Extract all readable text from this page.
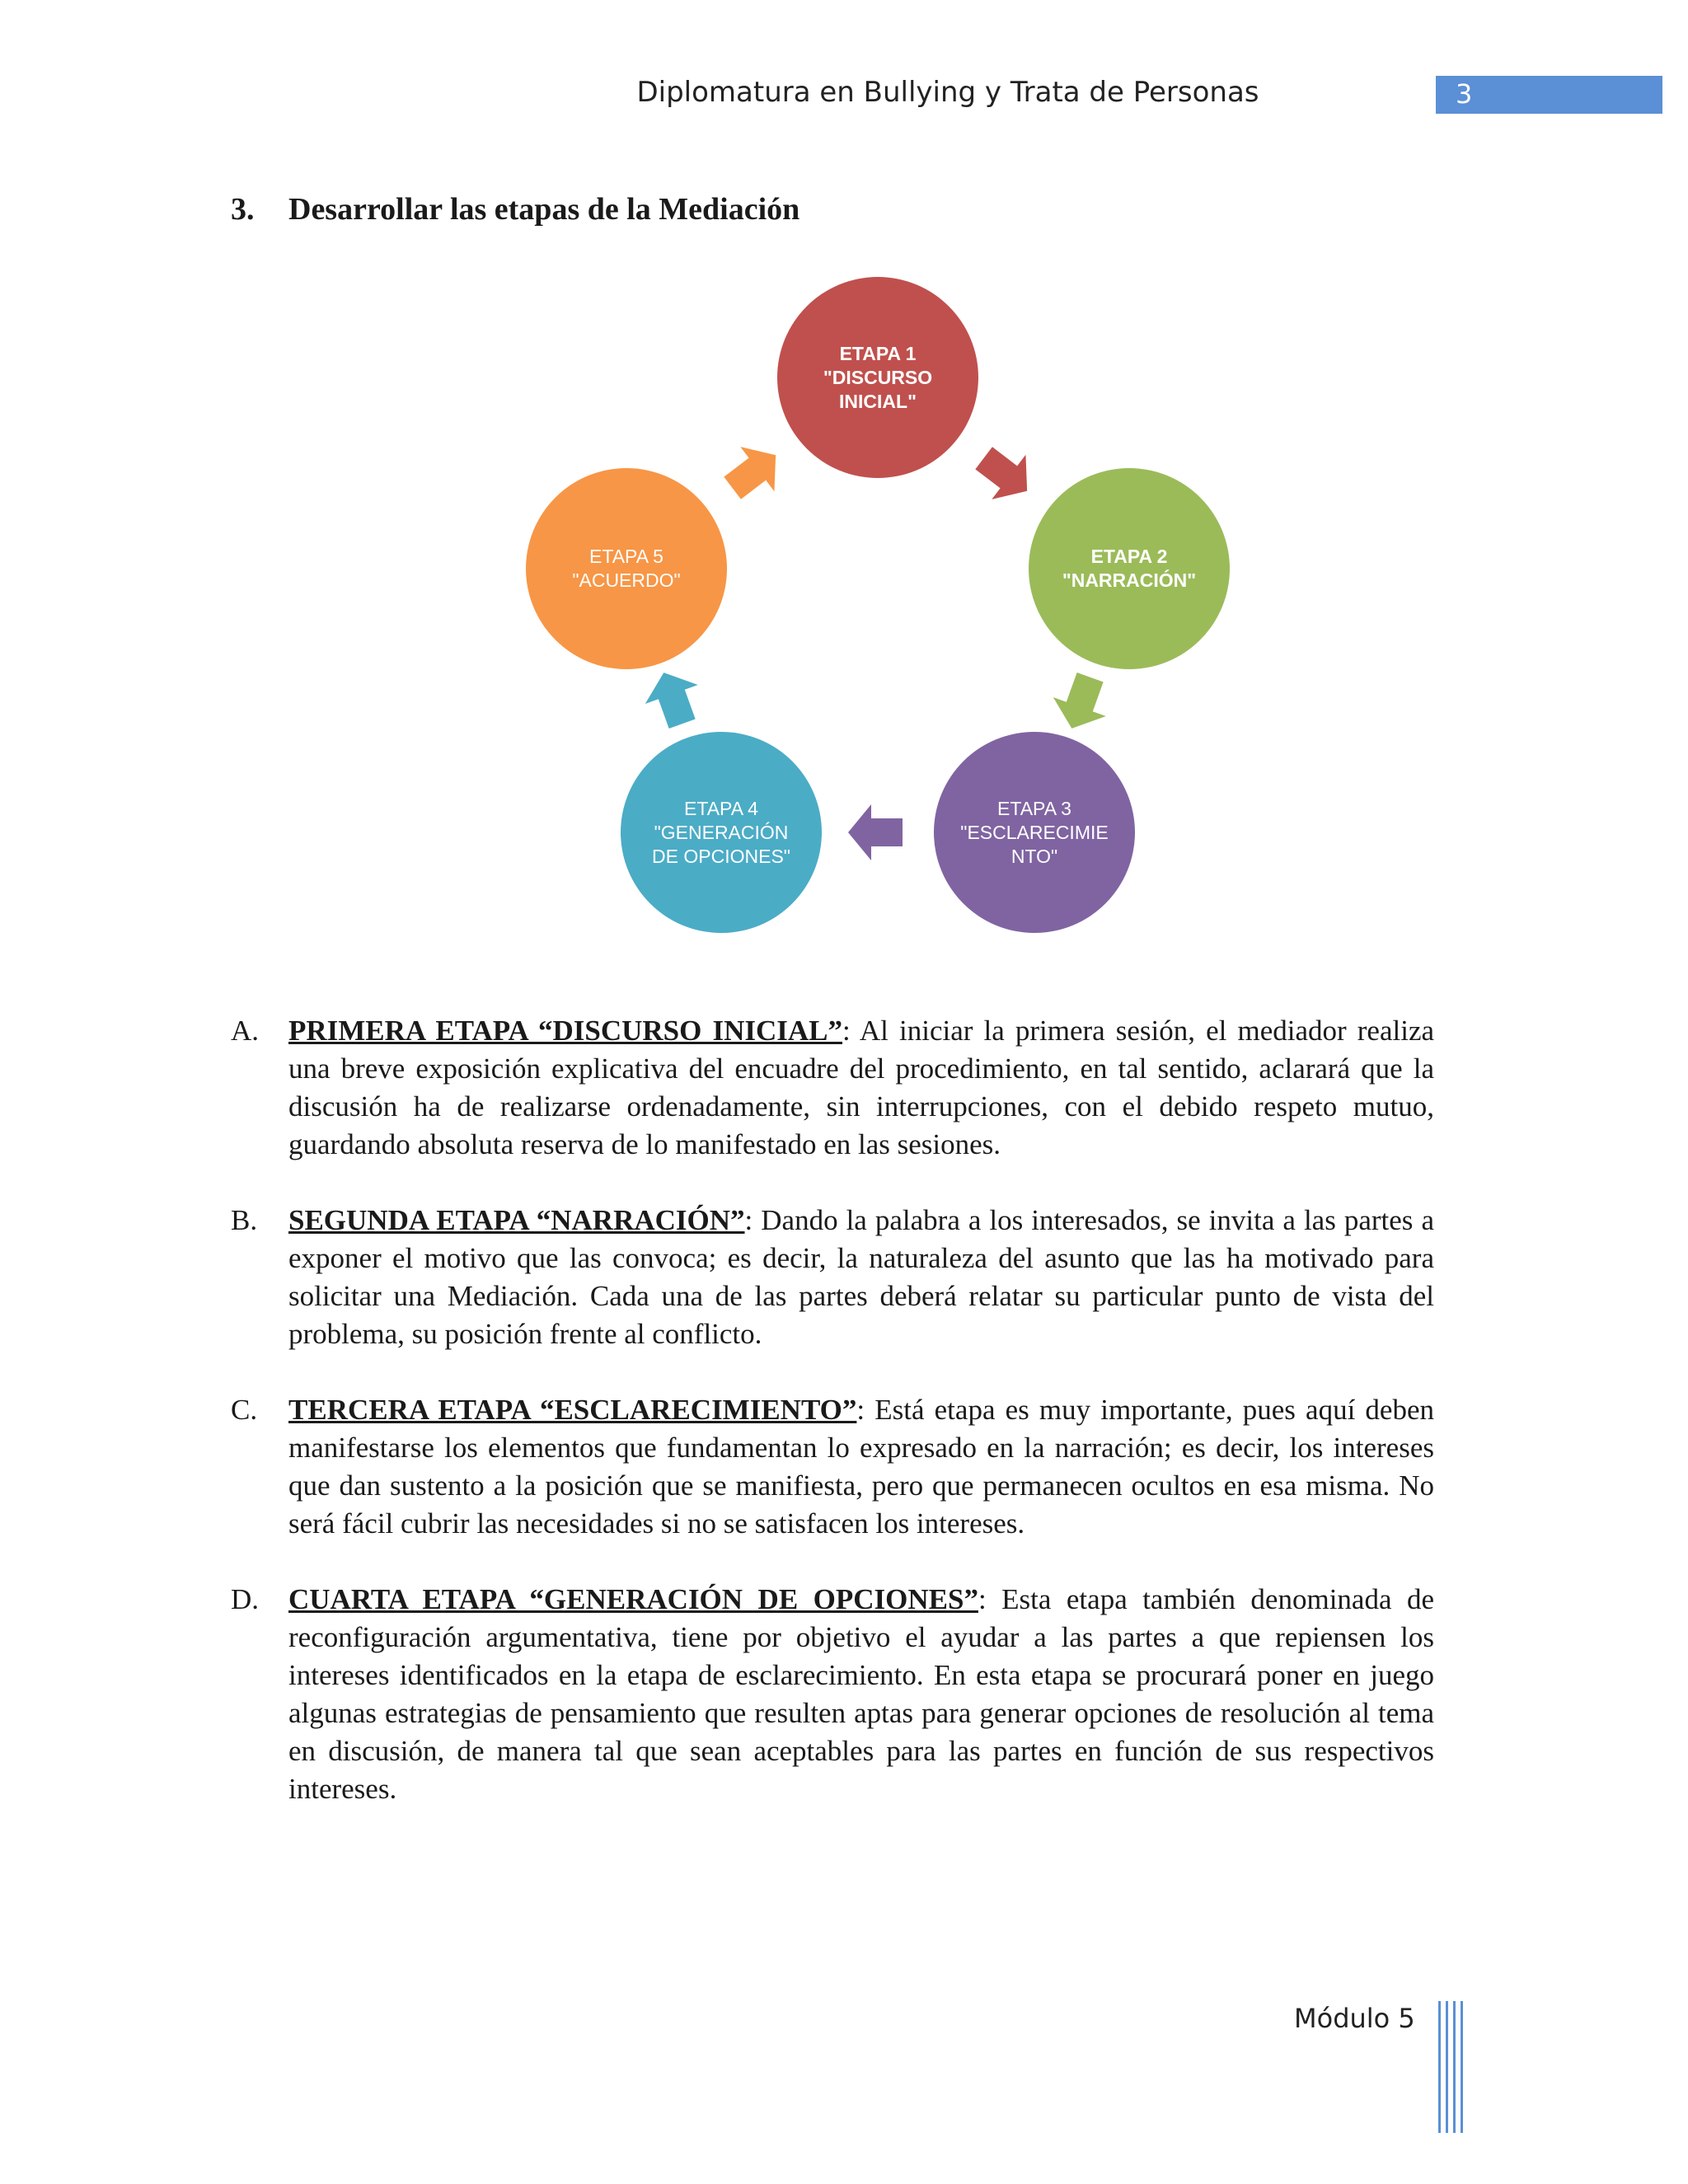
Diplomatura en Bullying y Trata de Personas	3
3. Desarrollar las etapas de la Mediación
ETAPA 1
"DISCURSO
INICIAL"
ETAPA 2
"NARRACIÓN"
ETAPA 3
"ESCLARECIMIE
NTO"
ETAPA 4
"GENERACIÓN
DE OPCIONES"
ETAPA 5
"ACUERDO"
A. PRIMERA ETAPA “DISCURSO INICIAL”: Al iniciar la primera sesión, el mediador realiza una breve exposición explicativa del encuadre del procedimiento, en tal sentido, aclarará que la discusión ha de realizarse ordenadamente, sin interrupciones, con el debido respeto mutuo, guardando absoluta reserva de lo manifestado en las sesiones.
B. SEGUNDA ETAPA “NARRACIÓN”: Dando la palabra a los interesados, se invita a las partes a exponer el motivo que las convoca; es decir, la naturaleza del asunto que las ha motivado para solicitar una Mediación. Cada una de las partes deberá relatar su particular punto de vista del problema, su posición frente al conflicto.
C. TERCERA ETAPA “ESCLARECIMIENTO”: Está etapa es muy importante, pues aquí deben manifestarse los elementos que fundamentan lo expresado en la narración; es decir, los intereses que dan sustento a la posición que se manifiesta, pero que permanecen ocultos en esa misma. No será fácil cubrir las necesidades si no se satisfacen los intereses.
D. CUARTA ETAPA “GENERACIÓN DE OPCIONES”: Esta etapa también denominada de reconfiguración argumentativa, tiene por objetivo el ayudar a las partes a que repiensen los intereses identificados en la etapa de esclarecimiento. En esta etapa se procurará poner en juego algunas estrategias de pensamiento que resulten aptas para generar opciones de resolución al tema en discusión, de manera tal que sean aceptables para las partes en función de sus respectivos intereses.
Módulo 5
